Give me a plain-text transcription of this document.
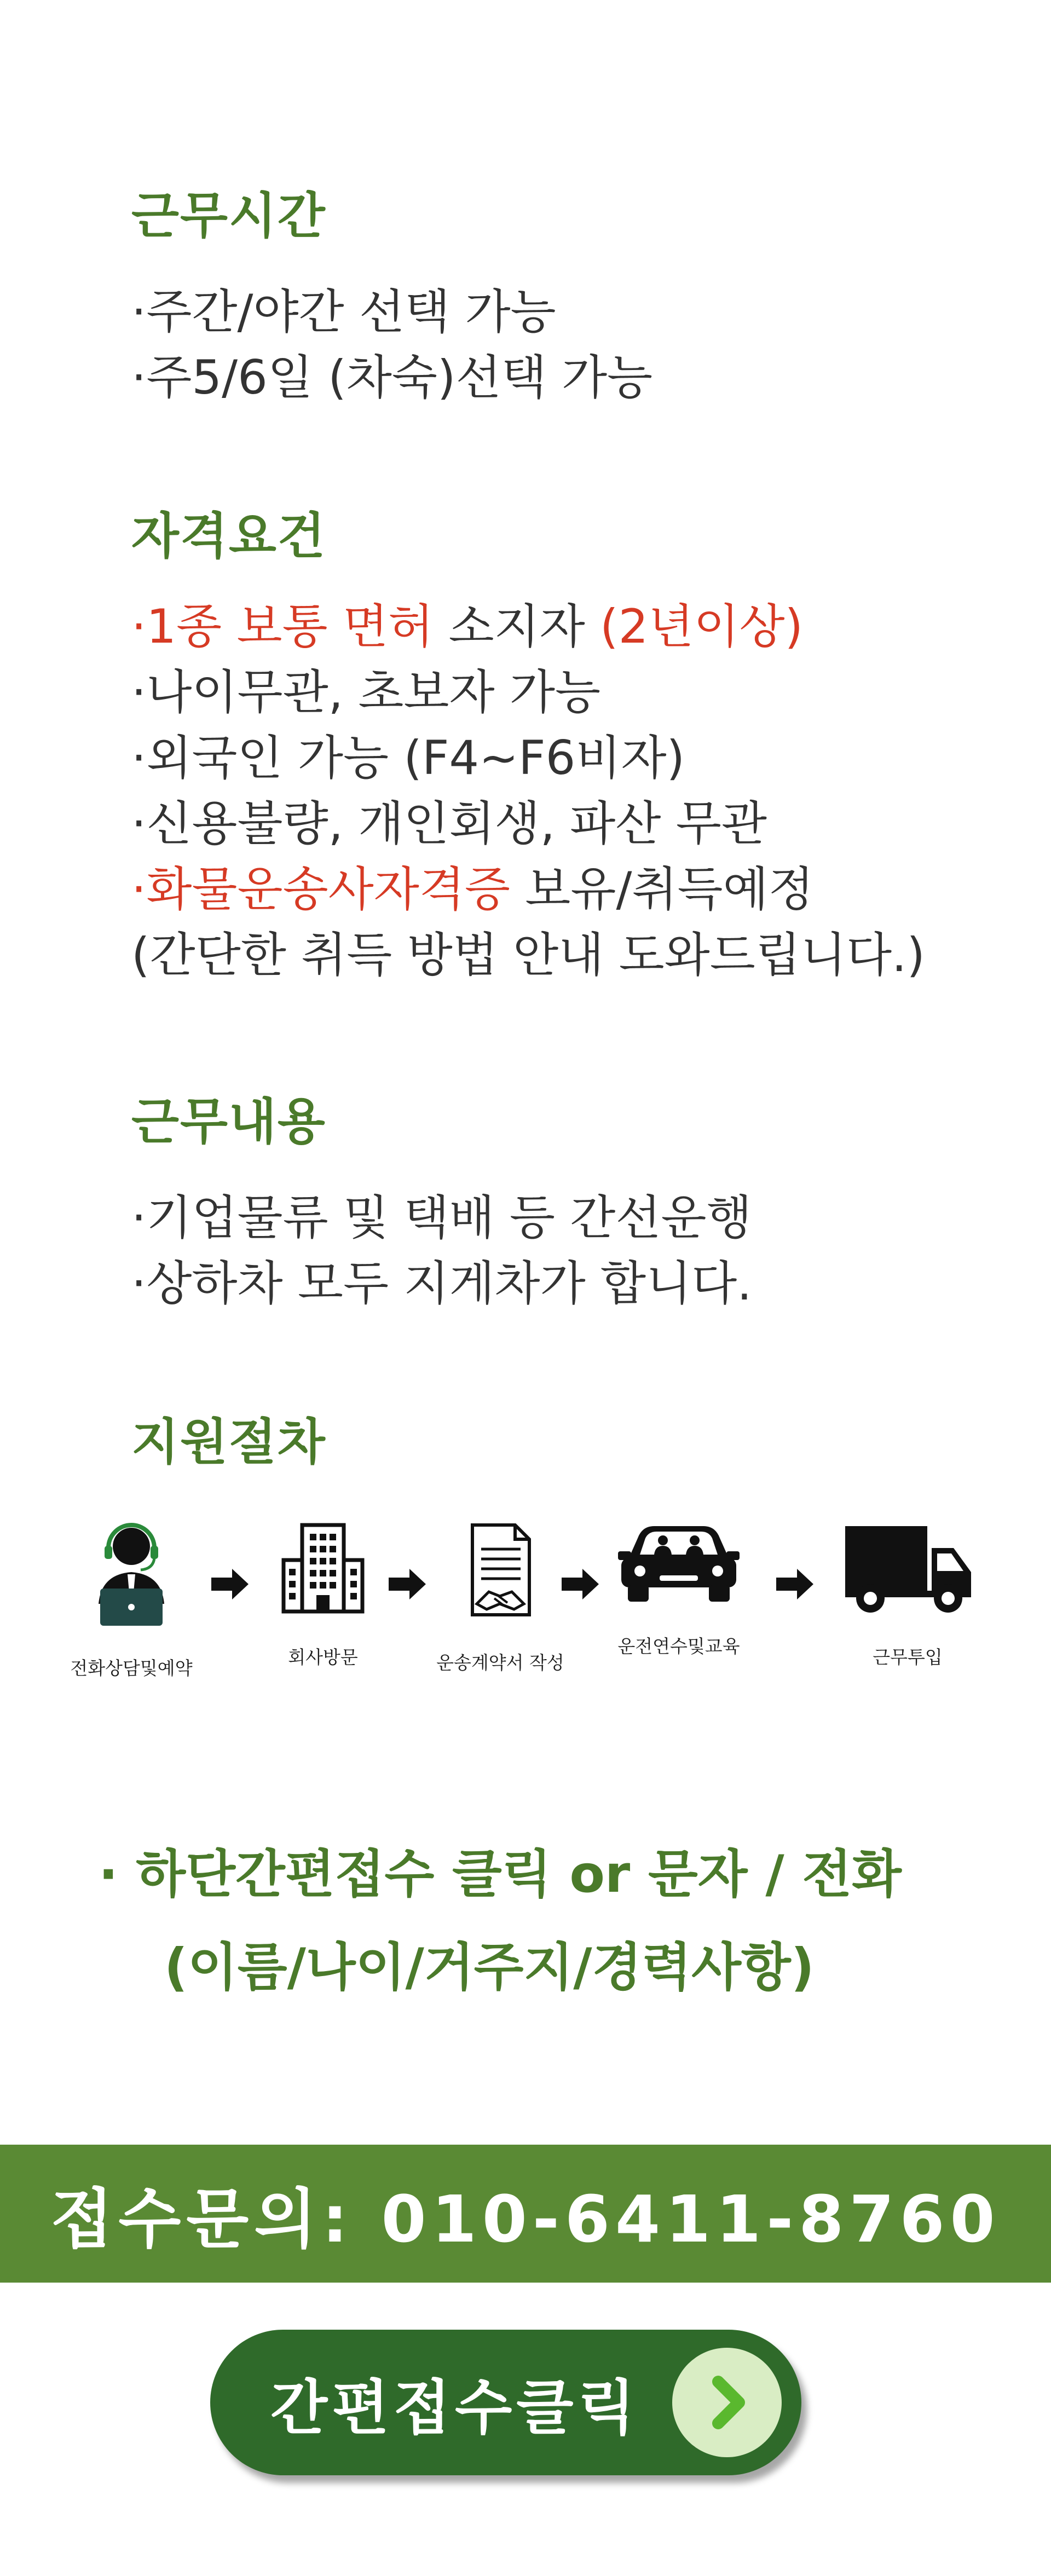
근무시간
·주간/야간 선택 가능
·주5/6일 (차숙)선택 가능
자격요건
·1종 보통 면허 소지자 (2년이상)
·나이무관, 초보자 가능
·외국인 가능 (F4~F6비자)
·신용불량, 개인회생, 파산 무관
·화물운송사자격증 보유/취득예정
(간단한 취득 방법 안내 도와드립니다.)
근무내용
·기업물류 및 택배 등 간선운행
·상하차 모두 지게차가 합니다.
지원절차
전화상담및예약
회사방문	운송계약서 작성
운전연수및교육
근무투입
· 하단간편접수 클릭 or 문자 / 전화
(이름/나이/거주지/경력사항)
접수문의: 010-6411-8760
간편접수클릭
